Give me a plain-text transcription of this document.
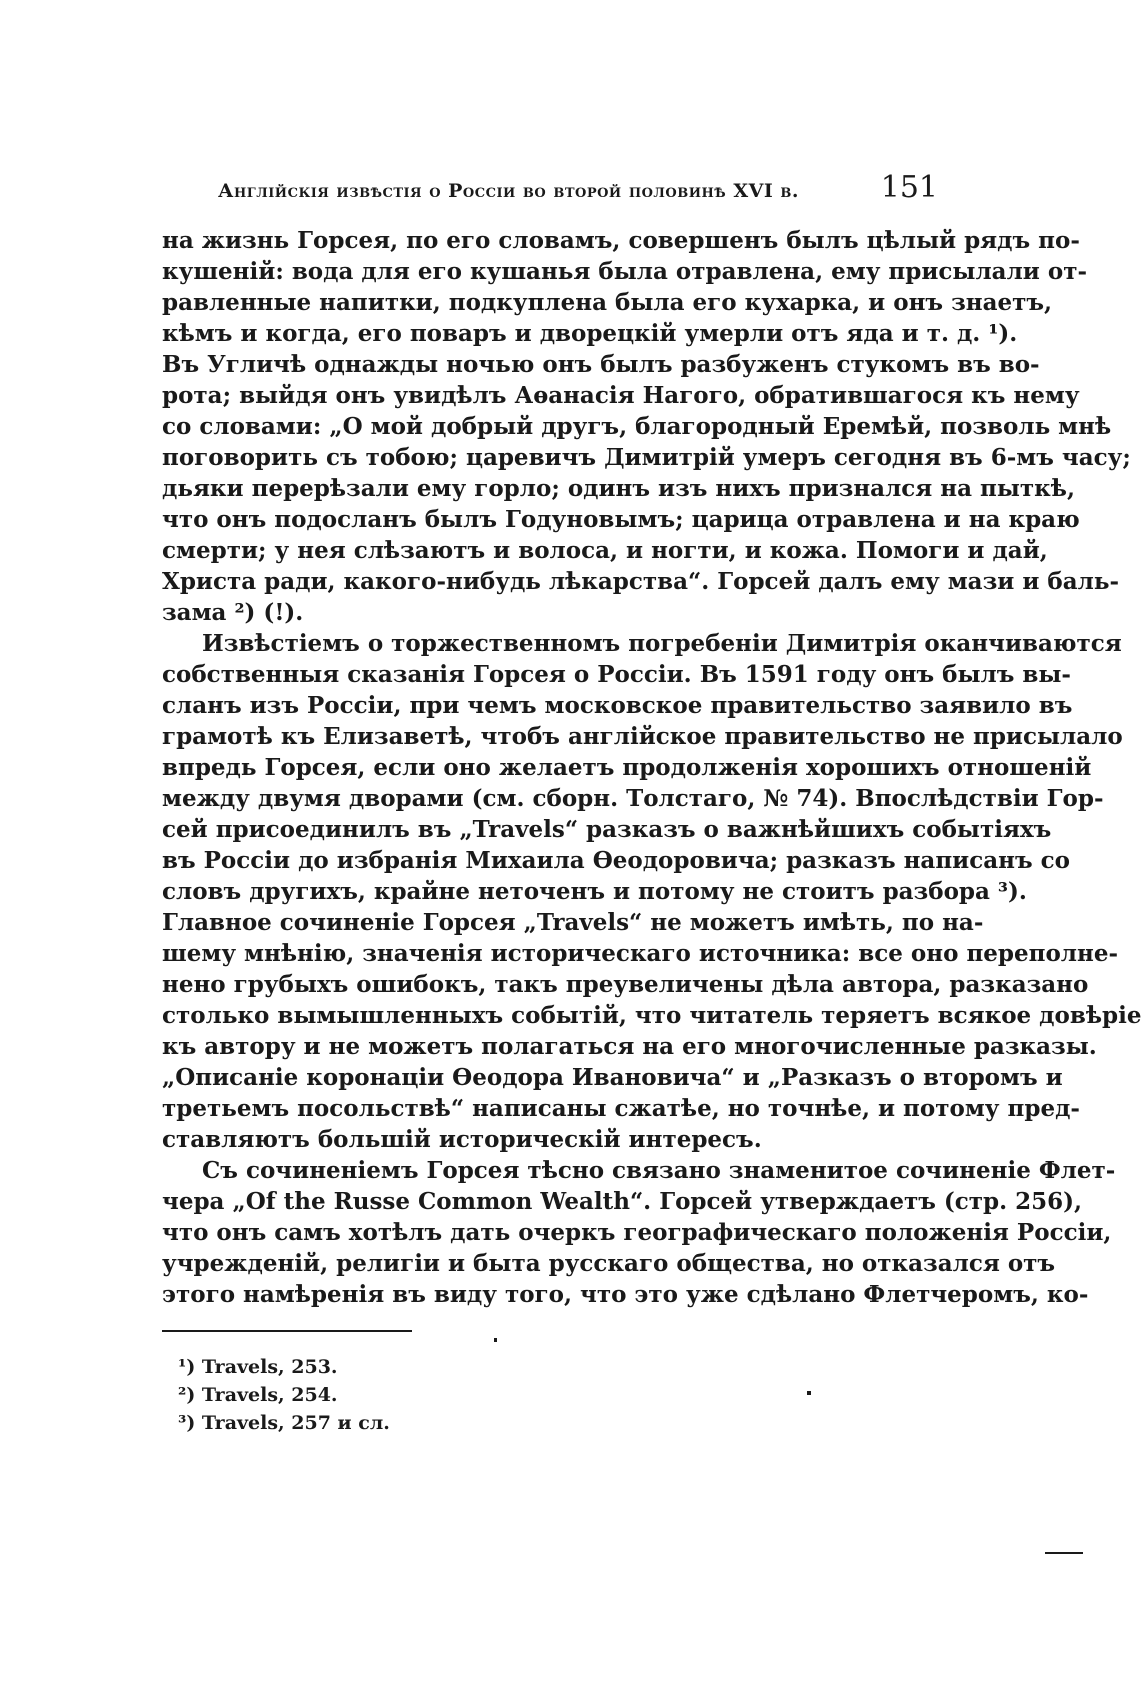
Англійскія извѣстія о Россіи во второй половинѣ XVI в.	151
на жизнь Горсея, по его словамъ, совершенъ былъ цѣлый рядъ по-
кушеній: вода для его кушанья была отравлена, ему присылали от-
равленные напитки, подкуплена была его кухарка, и онъ знаетъ,
кѣмъ и когда, его поваръ и дворецкій умерли отъ яда и т. д. ¹).
Въ Угличѣ однажды ночью онъ былъ разбуженъ стукомъ въ во-
рота; выйдя онъ увидѣлъ Аѳанасія Нагого, обратившагося къ нему
со словами: „О мой добрый другъ, благородный Еремѣй, позволь мнѣ
поговорить съ тобою; царевичъ Димитрій умеръ сегодня въ 6-мъ часу;
дьяки перерѣзали ему горло; одинъ изъ нихъ признался на пыткѣ,
что онъ подосланъ былъ Годуновымъ; царица отравлена и на краю
смерти; у нея слѣзаютъ и волоса, и ногти, и кожа. Помоги и дай,
Христа ради, какого-нибудь лѣкарства“. Горсей далъ ему мази и баль-
зама ²) (!).
Извѣстіемъ о торжественномъ погребеніи Димитрія оканчиваются
собственныя сказанія Горсея о Россіи. Въ 1591 году онъ былъ вы-
сланъ изъ Россіи, при чемъ московское правительство заявило въ
грамотѣ къ Елизаветѣ, чтобъ англійское правительство не присылало
впредь Горсея, если оно желаетъ продолженія хорошихъ отношеній
между двумя дворами (см. сборн. Толстаго, № 74). Впослѣдствіи Гор-
сей присоединилъ въ „Travels“ разказъ о важнѣйшихъ событіяхъ
въ Россіи до избранія Михаила Ѳеодоровича; разказъ написанъ со
словъ другихъ, крайне неточенъ и потому не стоитъ разбора ³).
Главное сочиненіе Горсея „Travels“ не можетъ имѣть, по на-
шему мнѣнію, значенія историческаго источника: все оно переполне-
нено грубыхъ ошибокъ, такъ преувеличены дѣла автора, разказано
столько вымышленныхъ событій, что читатель теряетъ всякое довѣріе
къ автору и не можетъ полагаться на его многочисленные разказы.
„Описаніе коронаціи Ѳеодора Ивановича“ и „Разказъ о второмъ и
третьемъ посольствѣ“ написаны сжатѣе, но точнѣе, и потому пред-
ставляютъ большій историческій интересъ.
Съ сочиненіемъ Горсея тѣсно связано знаменитое сочиненіе Флет-
чера „Of the Russe Common Wealth“. Горсей утверждаетъ (стр. 256),
что онъ самъ хотѣлъ дать очеркъ географическаго положенія Россіи,
учрежденій, религіи и быта русскаго общества, но отказался отъ
этого намѣренія въ виду того, что это уже сдѣлано Флетчеромъ, ко-
¹) Travels, 253.
²) Travels, 254.
³) Travels, 257 и сл.
